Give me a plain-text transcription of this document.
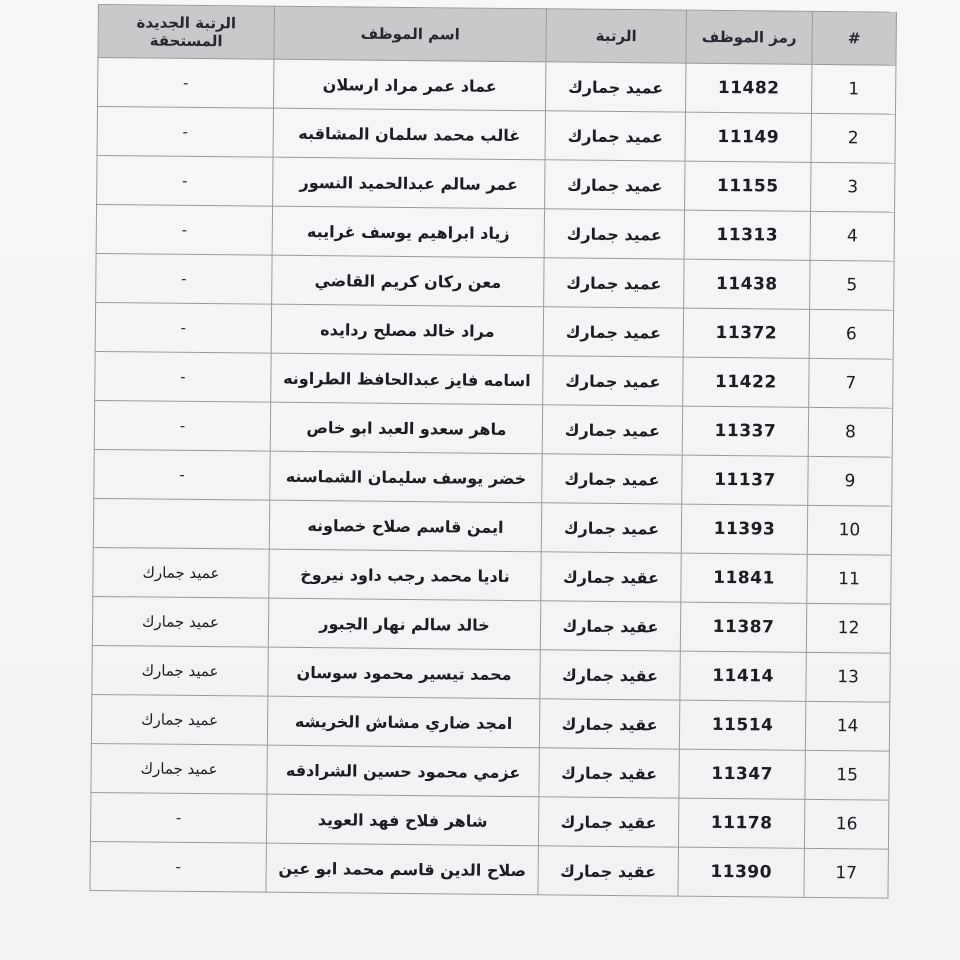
#	رمز الموظف	الرتبة	اسم الموظف	الرتبة الجديدة المستحقة
1	11482	عميد جمارك	عماد عمر مراد ارسلان	-
2	11149	عميد جمارك	غالب محمد سلمان المشاقبه	-
3	11155	عميد جمارك	عمر سالم عبدالحميد النسور	-
4	11313	عميد جمارك	زياد ابراهيم يوسف غرايبه	-
5	11438	عميد جمارك	معن ركان كريم القاضي	-
6	11372	عميد جمارك	مراد خالد مصلح ردايده	-
7	11422	عميد جمارك	اسامه فايز عبدالحافظ الطراونه	-
8	11337	عميد جمارك	ماهر سعدو العبد ابو خاص	-
9	11137	عميد جمارك	خضر يوسف سليمان الشماسنه	-
10	11393	عميد جمارك	ايمن قاسم صلاح خصاونه	
11	11841	عقيد جمارك	ناديا محمد رجب داود نيروخ	عميد جمارك
12	11387	عقيد جمارك	خالد سالم نهار الجبور	عميد جمارك
13	11414	عقيد جمارك	محمد تيسير محمود سوسان	عميد جمارك
14	11514	عقيد جمارك	امجد ضاري مشاش الخريشه	عميد جمارك
15	11347	عقيد جمارك	عزمي محمود حسين الشرادقه	عميد جمارك
16	11178	عقيد جمارك	شاهر فلاح فهد العويد	-
17	11390	عقيد جمارك	صلاح الدين قاسم محمد ابو عين	-
